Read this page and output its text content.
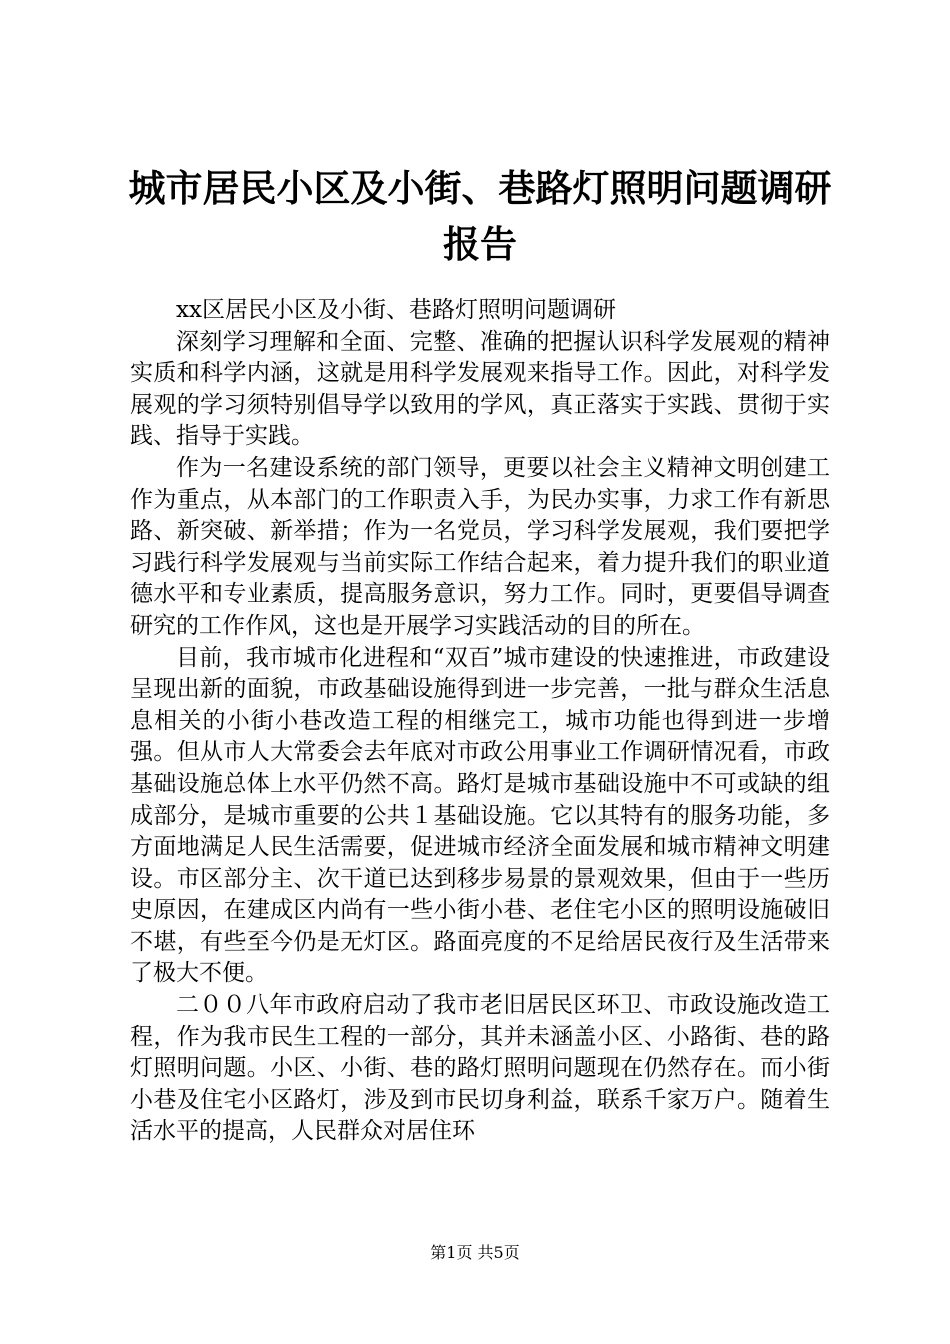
城市居民小区及小街、巷路灯照明问题调研报告

xx区居民小区及小街、巷路灯照明问题调研

深刻学习理解和全面、完整、准确的把握认识科学发展观的精神实质和科学内涵，这就是用科学发展观来指导工作。因此，对科学发展观的学习须特别倡导学以致用的学风，真正落实于实践、贯彻于实践、指导于实践。

作为一名建设系统的部门领导，更要以社会主义精神文明创建工作为重点，从本部门的工作职责入手，为民办实事，力求工作有新思路、新突破、新举措；作为一名党员，学习科学发展观，我们要把学习践行科学发展观与当前实际工作结合起来，着力提升我们的职业道德水平和专业素质，提高服务意识，努力工作。同时，更要倡导调查研究的工作作风，这也是开展学习实践活动的目的所在。

目前，我市城市化进程和“双百”城市建设的快速推进，市政建设呈现出新的面貌，市政基础设施得到进一步完善，一批与群众生活息息相关的小街小巷改造工程的相继完工，城市功能也得到进一步增强。但从市人大常委会去年底对市政公用事业工作调研情况看，市政基础设施总体上水平仍然不高。路灯是城市基础设施中不可或缺的组成部分，是城市重要的公共１基础设施。它以其特有的服务功能，多方面地满足人民生活需要，促进城市经济全面发展和城市精神文明建设。市区部分主、次干道已达到移步易景的景观效果，但由于一些历史原因，在建成区内尚有一些小街小巷、老住宅小区的照明设施破旧不堪，有些至今仍是无灯区。路面亮度的不足给居民夜行及生活带来了极大不便。

二００八年市政府启动了我市老旧居民区环卫、市政设施改造工程，作为我市民生工程的一部分，其并未涵盖小区、小路街、巷的路灯照明问题。小区、小街、巷的路灯照明问题现在仍然存在。而小街小巷及住宅小区路灯，涉及到市民切身利益，联系千家万户。随着生活水平的提高，人民群众对居住环

第1页 共5页
